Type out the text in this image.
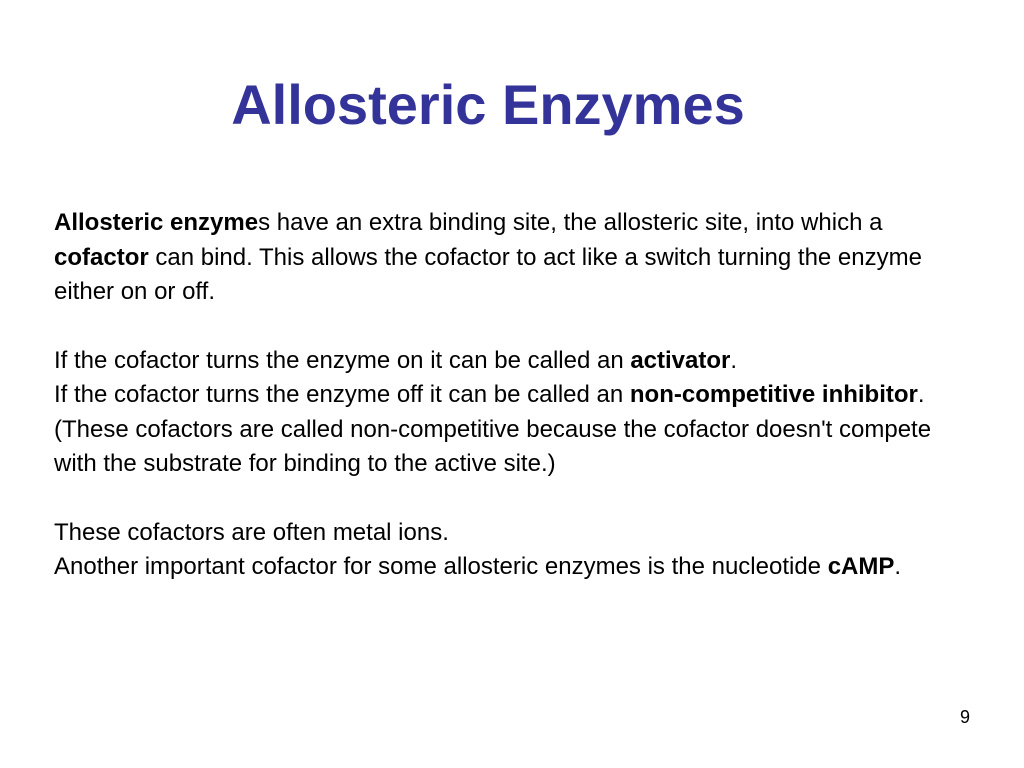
Allosteric Enzymes

Allosteric enzymes have an extra binding site, the allosteric site, into which a cofactor can bind. This allows the cofactor to act like a switch turning the enzyme either on or off.

If the cofactor turns the enzyme on it can be called an activator.

If the cofactor turns the enzyme off it can be called an non-competitive inhibitor. (These cofactors are called non-competitive because the cofactor doesn't compete with the substrate for binding to the active site.)

These cofactors are often metal ions.

Another important cofactor for some allosteric enzymes is the nucleotide cAMP.

9
